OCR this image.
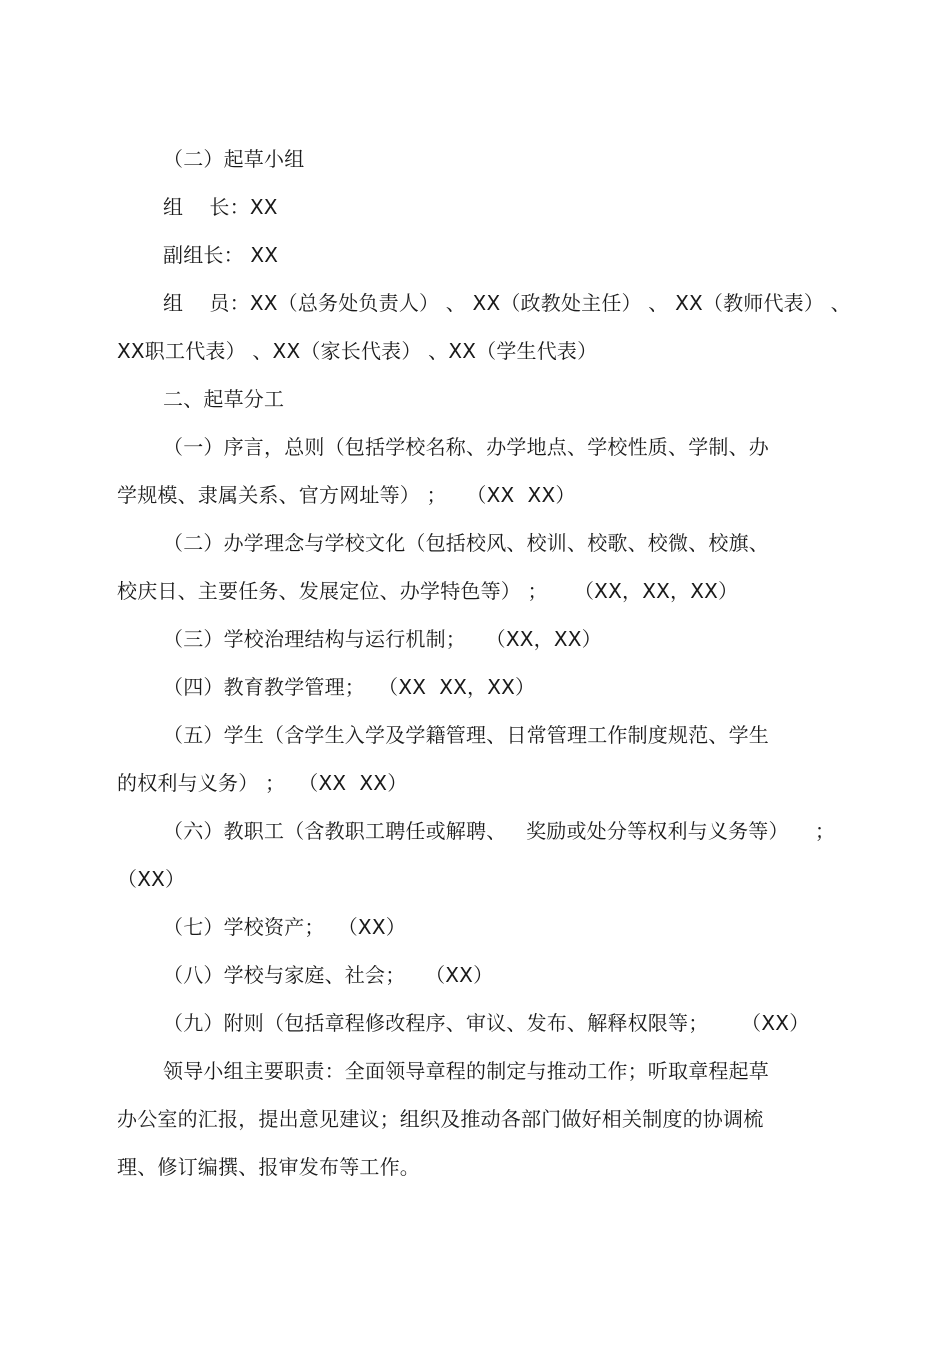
（二）起草小组
组    长：XX
副组长： XX
组    员：XX（总务处负责人） 、 XX（政教处主任） 、 XX（教师代表） 、
XX职工代表） 、XX（家长代表） 、XX（学生代表）
二、起草分工
（一）序言，总则（包括学校名称、办学地点、学校性质、学制、办
学规模、隶属关系、官方网址等） ；   （XX  XX）
（二）办学理念与学校文化（包括校风、校训、校歌、校微、校旗、
校庆日、主要任务、发展定位、办学特色等） ；    （XX，XX，XX）
（三）学校治理结构与运行机制；   （XX，XX）
（四）教育教学管理；  （XX  XX，XX）
（五）学生（含学生入学及学籍管理、日常管理工作制度规范、学生
的权利与义务） ；  （XX  XX）
（六）教职工（含教职工聘任或解聘、   奖励或处分等权利与义务等）    ；
（XX）
（七）学校资产；  （XX）
（八）学校与家庭、社会；   （XX）
（九）附则（包括章程修改程序、审议、发布、解释权限等；     （XX）
领导小组主要职责：全面领导章程的制定与推动工作；听取章程起草
办公室的汇报，提出意见建议；组织及推动各部门做好相关制度的协调梳
理、修订编撰、报审发布等工作。
